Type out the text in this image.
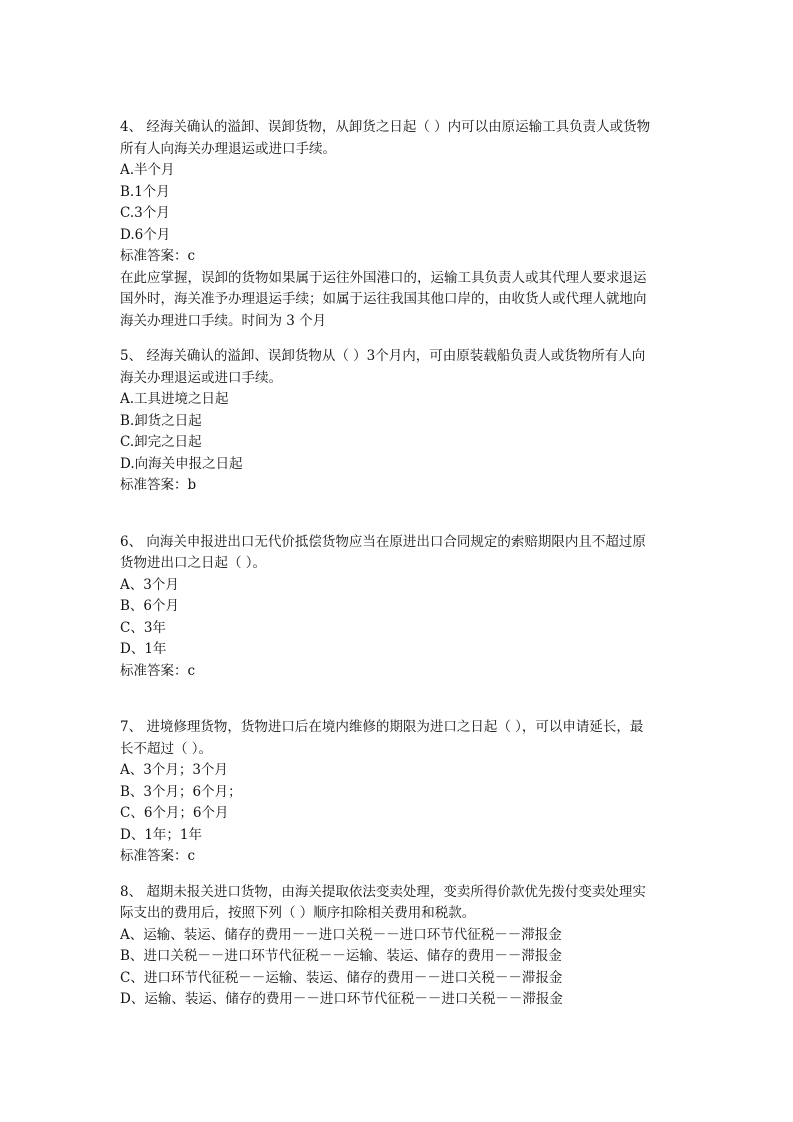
4、 经海关确认的溢卸、误卸货物，从卸货之日起（ ）内可以由原运输工具负责人或货物

所有人向海关办理退运或进口手续。

A.半个月

B.1个月

C.3个月

D.6个月

标准答案：c

在此应掌握，误卸的货物如果属于运往外国港口的，运输工具负责人或其代理人要求退运

国外时，海关准予办理退运手续；如属于运往我国其他口岸的，由收货人或代理人就地向

海关办理进口手续。时间为 3 个月

5、 经海关确认的溢卸、误卸货物从（ ）3个月内，可由原装载船负责人或货物所有人向

海关办理退运或进口手续。

A.工具进境之日起

B.卸货之日起

C.卸完之日起

D.向海关申报之日起

标准答案：b

6、 向海关申报进出口无代价抵偿货物应当在原进出口合同规定的索赔期限内且不超过原

货物进出口之日起（ ）。

A、3个月

B、6个月

C、3年

D、1年

标准答案：c

7、 进境修理货物，货物进口后在境内维修的期限为进口之日起（ ），可以申请延长，最

长不超过（ ）。

A、3个月；3个月

B、3个月；6个月；

C、6个月；6个月

D、1年；1年

标准答案：c

8、 超期未报关进口货物，由海关提取依法变卖处理，变卖所得价款优先拨付变卖处理实

际支出的费用后，按照下列（ ）顺序扣除相关费用和税款。

A、运输、装运、储存的费用－－进口关税－－进口环节代征税－－滞报金

B、进口关税－－进口环节代征税－－运输、装运、储存的费用－－滞报金

C、进口环节代征税－－运输、装运、储存的费用－－进口关税－－滞报金

D、运输、装运、储存的费用－－进口环节代征税－－进口关税－－滞报金
